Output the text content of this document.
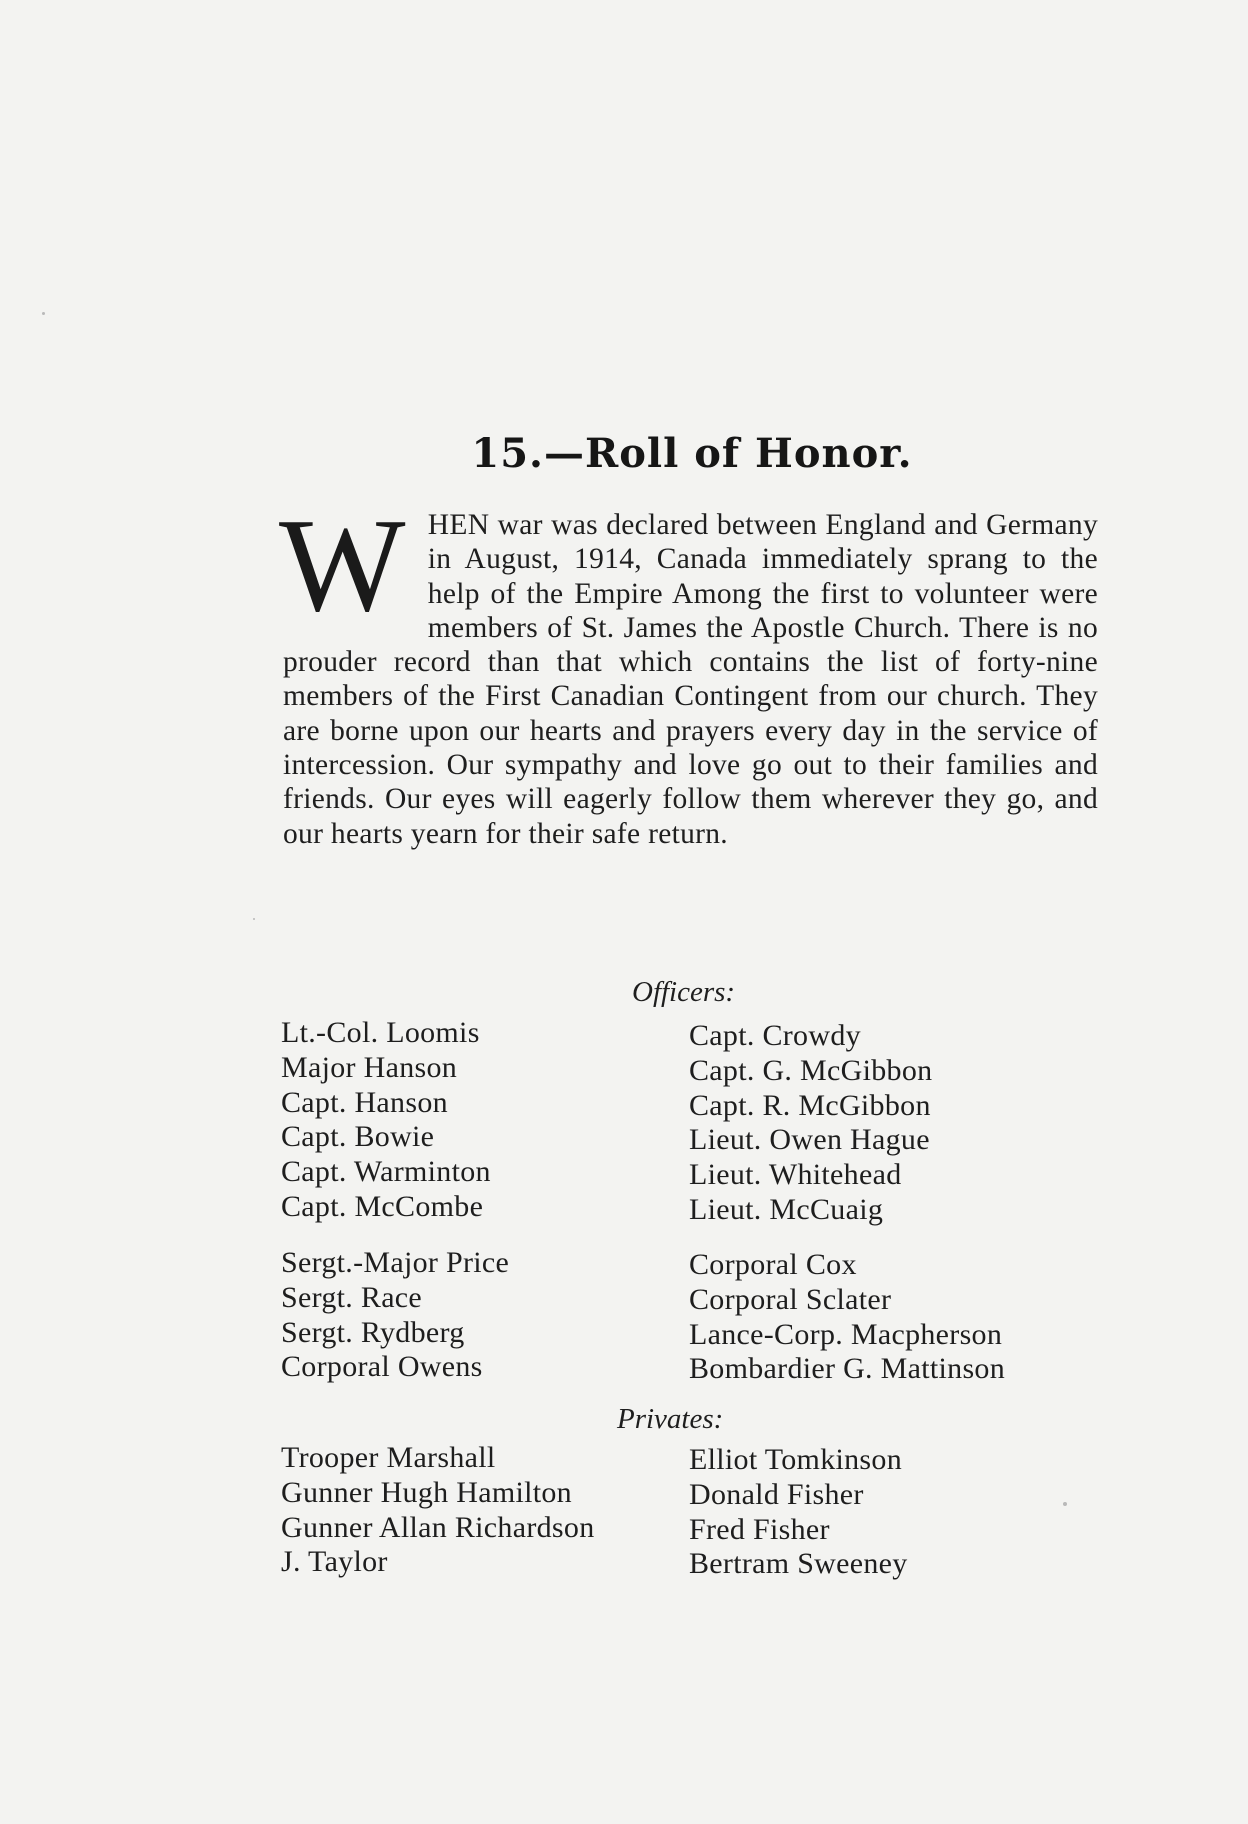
15.—Roll of Honor.
WHEN war was declared between England and Germany in August, 1914, Canada immediately sprang to the help of the Empire Among the first to volunteer were members of St. James the Apostle Church. There is no prouder record than that which contains the list of forty-nine members of the First Canadian Contingent from our church. They are borne upon our hearts and prayers every day in the service of intercession. Our sympathy and love go out to their families and friends. Our eyes will eagerly follow them wherever they go, and our hearts yearn for their safe return.
Officers:
Lt.-Col. Loomis
Major Hanson
Capt. Hanson
Capt. Bowie
Capt. Warminton
Capt. McCombe
Capt. Crowdy
Capt. G. McGibbon
Capt. R. McGibbon
Lieut. Owen Hague
Lieut. Whitehead
Lieut. McCuaig
Sergt.-Major Price
Sergt. Race
Sergt. Rydberg
Corporal Owens
Corporal Cox
Corporal Sclater
Lance-Corp. Macpherson
Bombardier G. Mattinson
Privates:
Trooper Marshall
Gunner Hugh Hamilton
Gunner Allan Richardson
J. Taylor
Elliot Tomkinson
Donald Fisher
Fred Fisher
Bertram Sweeney
